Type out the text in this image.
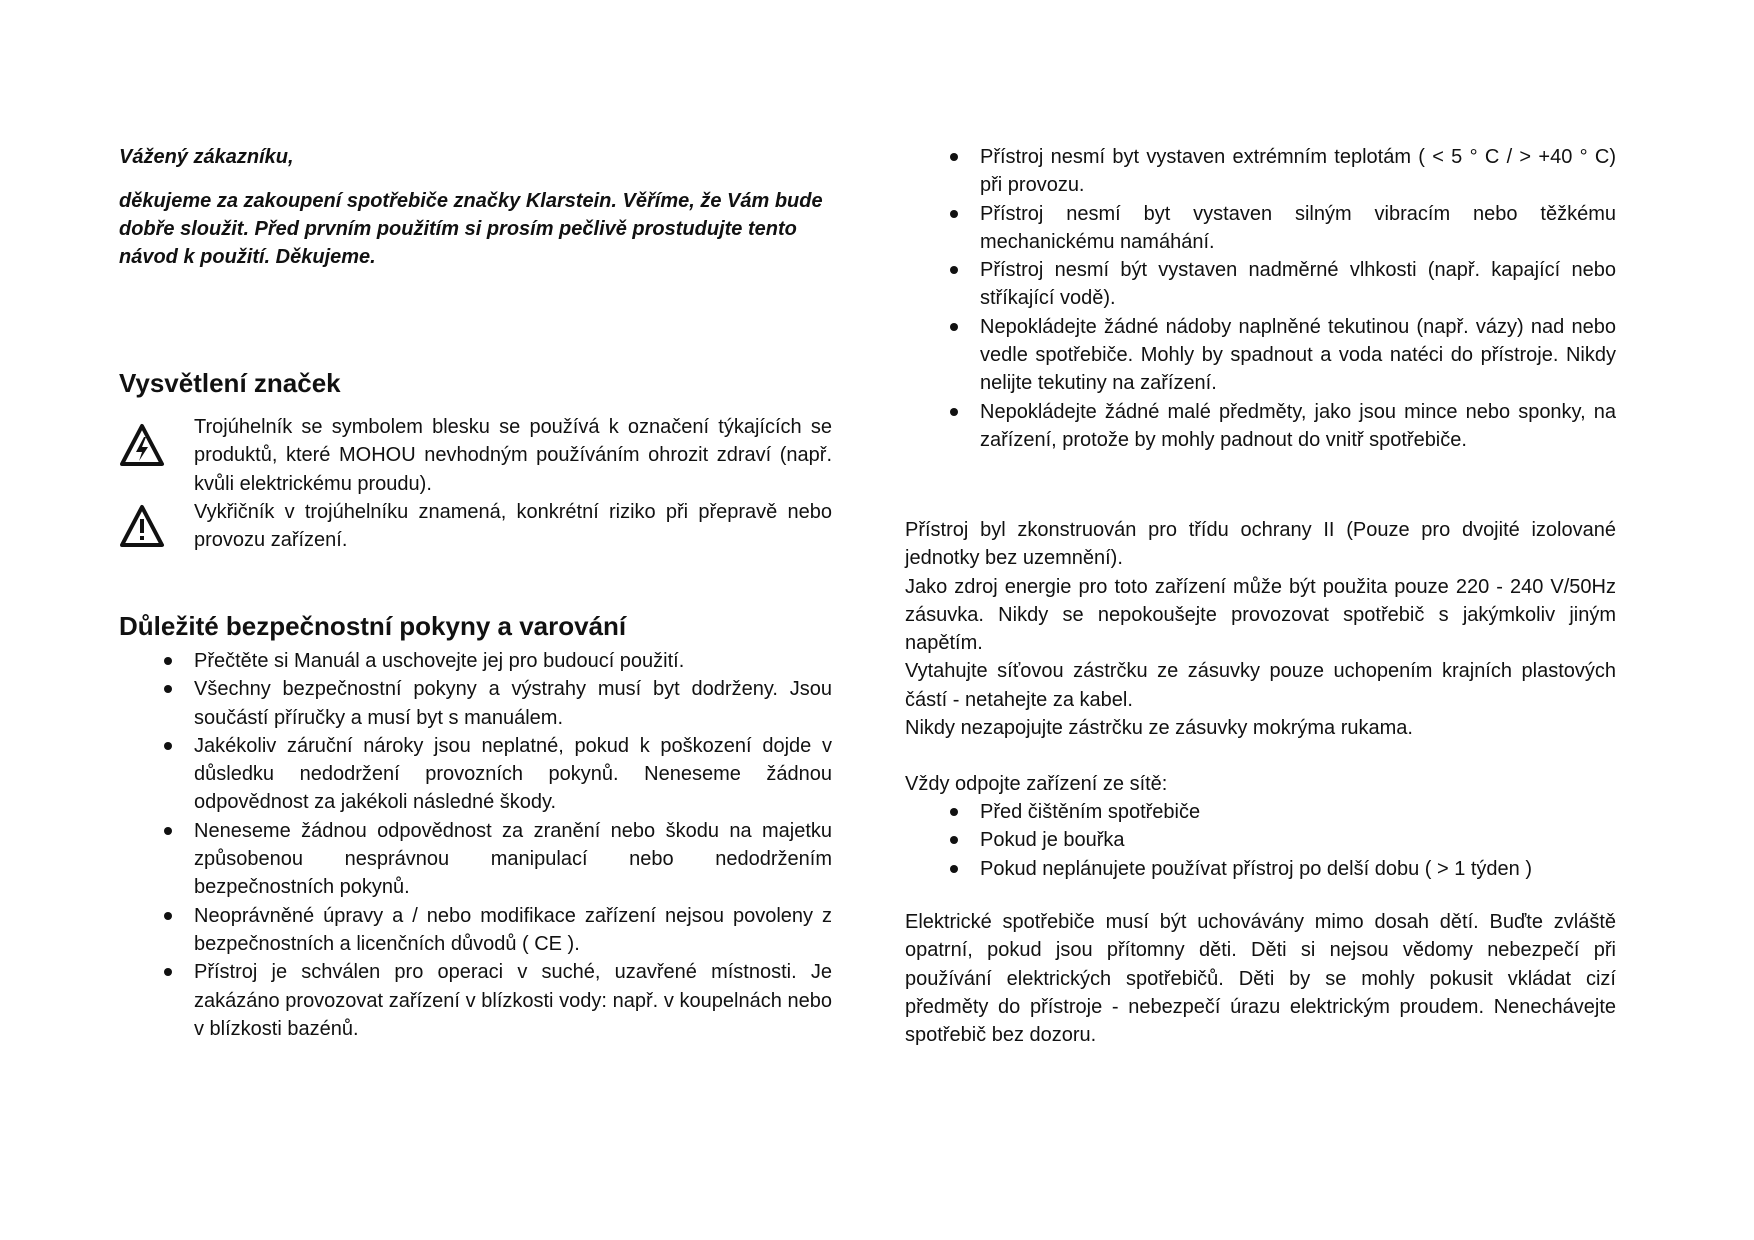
Vážený zákazníku,

děkujeme za zakoupení spotřebiče značky Klarstein. Věříme, že Vám bude dobře sloužit. Před prvním použitím si prosím pečlivě prostudujte tento návod k použití. Děkujeme.

Vysvětlení značek

Trojúhelník se symbolem blesku se používá k označení týkajících se produktů, které MOHOU nevhodným používáním ohrozit zdraví (např. kvůli elektrickému proudu).

Vykřičník v trojúhelníku znamená, konkrétní riziko při přepravě nebo provozu zařízení.

Důležité bezpečnostní pokyny a varování
Přečtěte si Manuál a uschovejte jej pro budoucí použití.
Všechny bezpečnostní pokyny a výstrahy musí byt dodrženy. Jsou součástí příručky a musí byt s manuálem.
Jakékoliv záruční nároky jsou neplatné, pokud k poškození dojde v důsledku nedodržení provozních pokynů. Neneseme žádnou odpovědnost za jakékoli následné škody.
Neneseme žádnou odpovědnost za zranění nebo škodu na majetku způsobenou nesprávnou manipulací nebo nedodržením bezpečnostních pokynů.
Neoprávněné úpravy a / nebo modifikace zařízení nejsou povoleny z bezpečnostních a licenčních důvodů ( CE ).
Přístroj je schválen pro operaci v suché, uzavřené místnosti. Je zakázáno provozovat zařízení v blízkosti vody: např. v koupelnách nebo v blízkosti bazénů.
Přístroj nesmí byt vystaven extrémním teplotám ( < 5 ° C / > +40 ° C) při provozu.
Přístroj nesmí byt vystaven silným vibracím nebo těžkému mechanickému namáhání.
Přístroj nesmí být vystaven nadměrné vlhkosti (např. kapající nebo stříkající vodě).
Nepokládejte žádné nádoby naplněné tekutinou (např. vázy) nad nebo vedle spotřebiče. Mohly by spadnout a voda natéci do přístroje. Nikdy nelijte tekutiny na zařízení.
Nepokládejte žádné malé předměty, jako jsou mince nebo sponky, na zařízení, protože by mohly padnout do vnitř spotřebiče.

Přístroj byl zkonstruován pro třídu ochrany II (Pouze pro dvojité izolované jednotky bez uzemnění).

Jako zdroj energie pro toto zařízení může být použita pouze 220 - 240 V/50Hz zásuvka. Nikdy se nepokoušejte provozovat spotřebič s jakýmkoliv jiným napětím.

Vytahujte síťovou zástrčku ze zásuvky pouze uchopením krajních plastových částí - netahejte za kabel.

Nikdy nezapojujte zástrčku ze zásuvky mokrýma rukama.

Vždy odpojte zařízení ze sítě:

Před čištěním spotřebiče
Pokud je bouřka
Pokud neplánujete používat přístroj po delší dobu ( > 1 týden )

Elektrické spotřebiče musí být uchovávány mimo dosah dětí. Buďte zvláště opatrní, pokud jsou přítomny děti. Děti si nejsou vědomy nebezpečí při používání elektrických spotřebičů. Děti by se mohly pokusit vkládat cizí předměty do přístroje - nebezpečí úrazu elektrickým proudem. Nenechávejte spotřebič bez dozoru.
